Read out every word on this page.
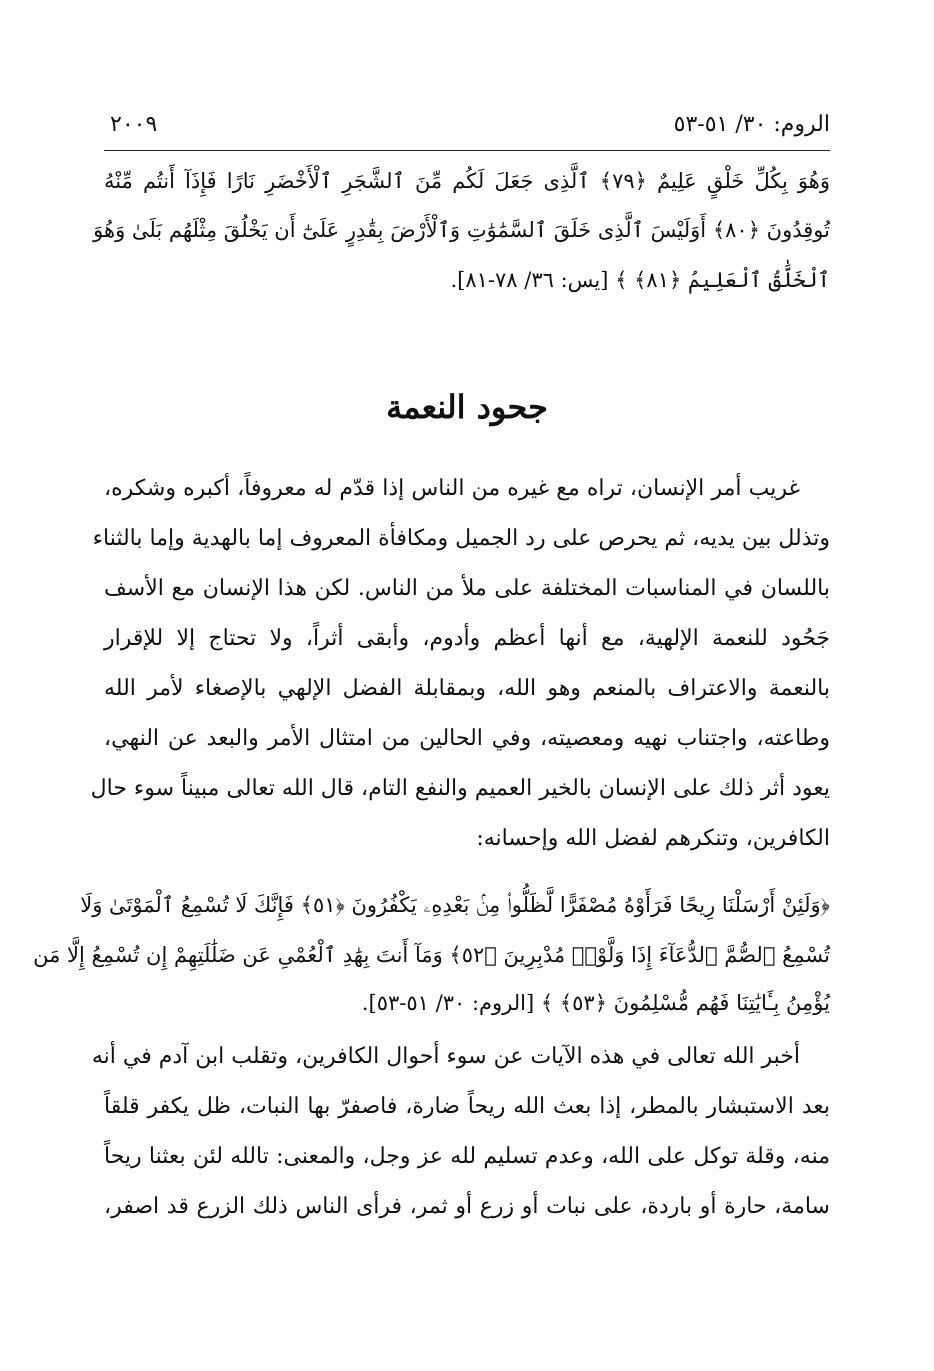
٢٠٠٩	الروم: ٣٠/ ٥١-٥٣
وَهُوَ بِكُلِّ خَلْقٍ عَلِيمٌ ﴿٧٩﴾ ٱلَّذِى جَعَلَ لَكُم مِّنَ ٱلشَّجَرِ ٱلْأَخْضَرِ نَارًا فَإِذَآ أَنتُم مِّنْهُ
تُوقِدُونَ ﴿٨٠﴾ أَوَلَيْسَ ٱلَّذِى خَلَقَ ٱلسَّمَٰوَٰتِ وَٱلْأَرْضَ بِقَٰدِرٍ عَلَىٰٓ أَن يَخْلُقَ مِثْلَهُم بَلَىٰ وَهُوَ
ٱلْخَلَّٰقُ ٱلْعَلِيمُ ﴿٨١﴾ ﴾ [يس: ٣٦/ ٧٨-٨١].
جحود النعمة
غريب أمر الإنسان، تراه مع غيره من الناس إذا قدّم له معروفاً، أكبره وشكره،
وتذلل بين يديه، ثم يحرص على رد الجميل ومكافأة المعروف إما بالهدية وإما بالثناء
باللسان في المناسبات المختلفة على ملأ من الناس. لكن هذا الإنسان مع الأسف
جَحُود للنعمة الإلهية، مع أنها أعظم وأدوم، وأبقى أثراً، ولا تحتاج إلا للإقرار
بالنعمة والاعتراف بالمنعم وهو الله، وبمقابلة الفضل الإلهي بالإصغاء لأمر الله
وطاعته، واجتناب نهيه ومعصيته، وفي الحالين من امتثال الأمر والبعد عن النهي،
يعود أثر ذلك على الإنسان بالخير العميم والنفع التام، قال الله تعالى مبيناً سوء حال
الكافرين، وتنكرهم لفضل الله وإحسانه:
﴿وَلَئِنْ أَرْسَلْنَا رِيحًا فَرَأَوْهُ مُصْفَرًّا لَّظَلُّوا۟ مِنۢ بَعْدِهِۦ يَكْفُرُونَ ﴿٥١﴾ فَإِنَّكَ لَا تُسْمِعُ ٱلْمَوْتَىٰ وَلَا
تُسْمِعُ ٱلصُّمَّ ٱلدُّعَآءَ إِذَا وَلَّوْا۟ مُدْبِرِينَ ﴿٥٢﴾ وَمَآ أَنتَ بِهَٰدِ ٱلْعُمْىِ عَن ضَلَٰلَتِهِمْ إِن تُسْمِعُ إِلَّا مَن
يُؤْمِنُ بِـَٔايَٰتِنَا فَهُم مُّسْلِمُونَ ﴿٥٣﴾ ﴾ [الروم: ٣٠/ ٥١-٥٣].
أخبر الله تعالى في هذه الآيات عن سوء أحوال الكافرين، وتقلب ابن آدم في أنه
بعد الاستبشار بالمطر، إذا بعث الله ريحاً ضارة، فاصفرّ بها النبات، ظل يكفر قلقاً
منه، وقلة توكل على الله، وعدم تسليم لله عز وجل، والمعنى: تالله لئن بعثنا ريحاً
سامة، حارة أو باردة، على نبات أو زرع أو ثمر، فرأى الناس ذلك الزرع قد اصفر،
